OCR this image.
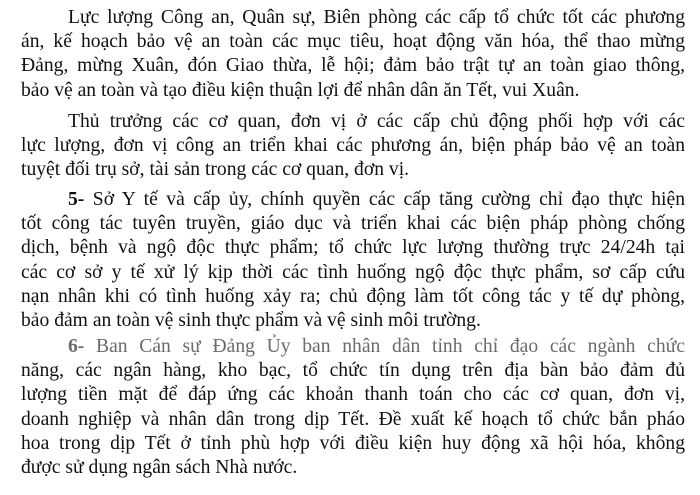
Lực lượng Công an, Quân sự, Biên phòng các cấp tổ chức tốt các phương
án, kế hoạch bảo vệ an toàn các mục tiêu, hoạt động văn hóa, thể thao mừng
Đảng, mừng Xuân, đón Giao thừa, lễ hội; đảm bảo trật tự an toàn giao thông,
bảo vệ an toàn và tạo điều kiện thuận lợi để nhân dân ăn Tết, vui Xuân.
Thủ trưởng các cơ quan, đơn vị ở các cấp chủ động phối hợp với các
lực lượng, đơn vị công an triển khai các phương án, biện pháp bảo vệ an toàn
tuyệt đối trụ sở, tài sản trong các cơ quan, đơn vị.
5- Sở Y tế và cấp ủy, chính quyền các cấp tăng cường chỉ đạo thực hiện
tốt công tác tuyên truyền, giáo dục và triển khai các biện pháp phòng chống
dịch, bệnh và ngộ độc thực phẩm; tổ chức lực lượng thường trực 24/24h tại
các cơ sở y tế xử lý kịp thời các tình huống ngộ độc thực phẩm, sơ cấp cứu
nạn nhân khi có tình huống xảy ra; chủ động làm tốt công tác y tế dự phòng,
bảo đảm an toàn vệ sinh thực phẩm và vệ sinh môi trường.
6- Ban Cán sự Đảng Ủy ban nhân dân tỉnh chỉ đạo các ngành chức
năng, các ngân hàng, kho bạc, tổ chức tín dụng trên địa bàn bảo đảm đủ
lượng tiền mặt để đáp ứng các khoản thanh toán cho các cơ quan, đơn vị,
doanh nghiệp và nhân dân trong dịp Tết. Đề xuất kế hoạch tổ chức bắn pháo
hoa trong dịp Tết ở tỉnh phù hợp với điều kiện huy động xã hội hóa, không
được sử dụng ngân sách Nhà nước.
